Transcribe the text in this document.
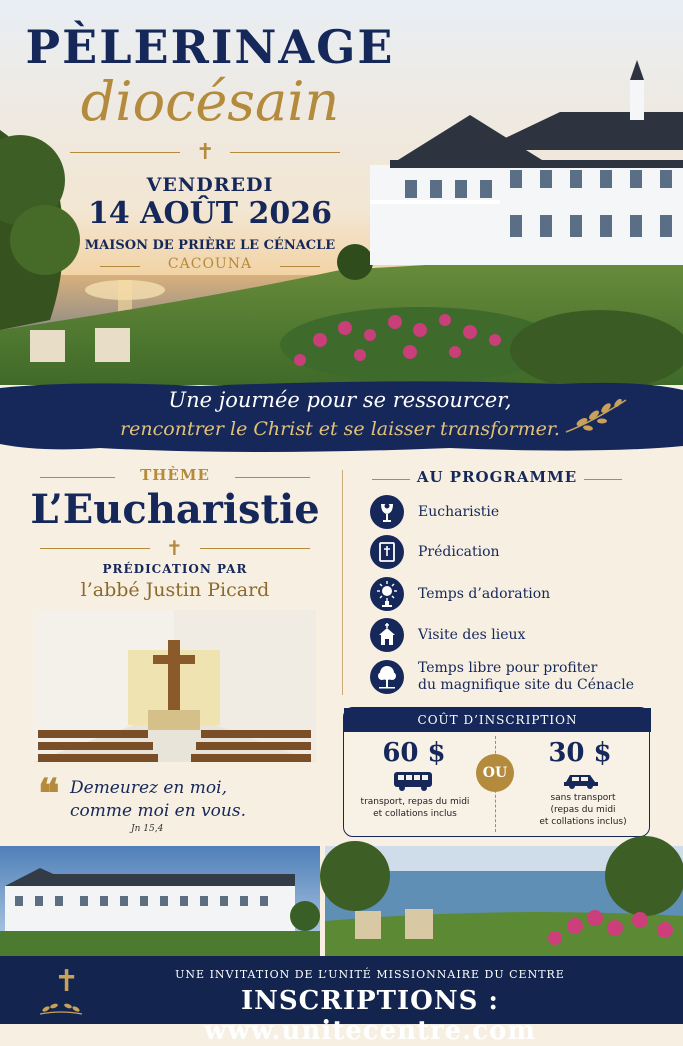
PÈLERINAGE
diocésain
✝
VENDREDI
14 AOÛT 2026
MAISON DE PRIÈRE LE CÉNACLE
CACOUNA
Une journée pour se ressourcer,
rencontrer le Christ et se laisser transformer.
THÈME
L’Eucharistie
✝
PRÉDICATION PAR
l’abbé Justin Picard
❝ Demeurez en moi,
comme moi en vous.
Jn 15,4
AU PROGRAMME
Eucharistie
Prédication
Temps d’adoration
Visite des lieux
Temps libre pour profiter
du magnifique site du Cénacle
COÛT D’INSCRIPTION
60 $
transport, repas du midi
et collations inclus
OU
30 $
sans transport
(repas du midi
et collations inclus)
✝	UNE INVITATION DE L’UNITÉ MISSIONNAIRE DU CENTRE
INSCRIPTIONS : www.unitecentre.com
